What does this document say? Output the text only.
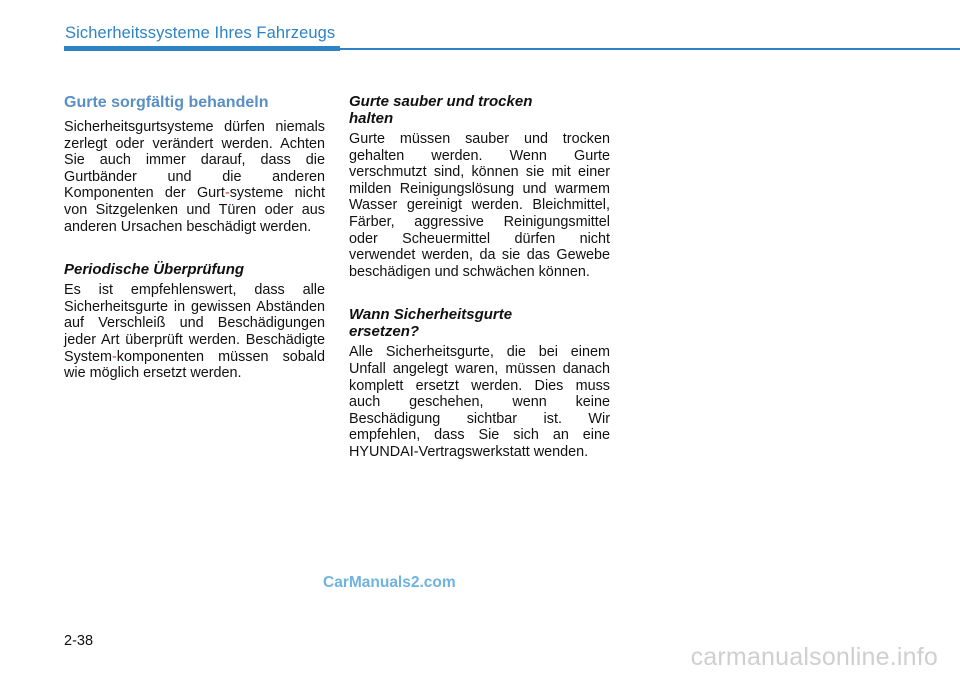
Sicherheitssysteme Ihres Fahrzeugs
Gurte sorgfältig behandeln

Sicherheitsgurtsysteme dürfen niemals zerlegt oder verändert werden. Achten Sie auch immer darauf, dass die Gurtbänder und die anderen Komponenten der Gurt-systeme nicht von Sitzgelenken und Türen oder aus anderen Ursachen beschädigt werden.

Periodische Überprüfung

Es ist empfehlenswert, dass alle Sicherheitsgurte in gewissen Abständen auf Verschleiß und Beschädigungen jeder Art überprüft werden. Beschädigte System-komponenten müssen sobald wie möglich ersetzt werden.

Gurte sauber und trocken
halten

Gurte müssen sauber und trocken gehalten werden. Wenn Gurte verschmutzt sind, können sie mit einer milden Reinigungslösung und warmem Wasser gereinigt werden. Bleichmittel, Färber, aggressive Reinigungsmittel oder Scheuermittel dürfen nicht verwendet werden, da sie das Gewebe beschädigen und schwächen können.

Wann Sicherheitsgurte
ersetzen?

Alle Sicherheitsgurte, die bei einem Unfall angelegt waren, müssen danach komplett ersetzt werden. Dies muss auch geschehen, wenn keine Beschädigung sichtbar ist. Wir empfehlen, dass Sie sich an eine HYUNDAI-Vertragswerkstatt wenden.

CarManuals2.com
2-38
carmanualsonline.info
